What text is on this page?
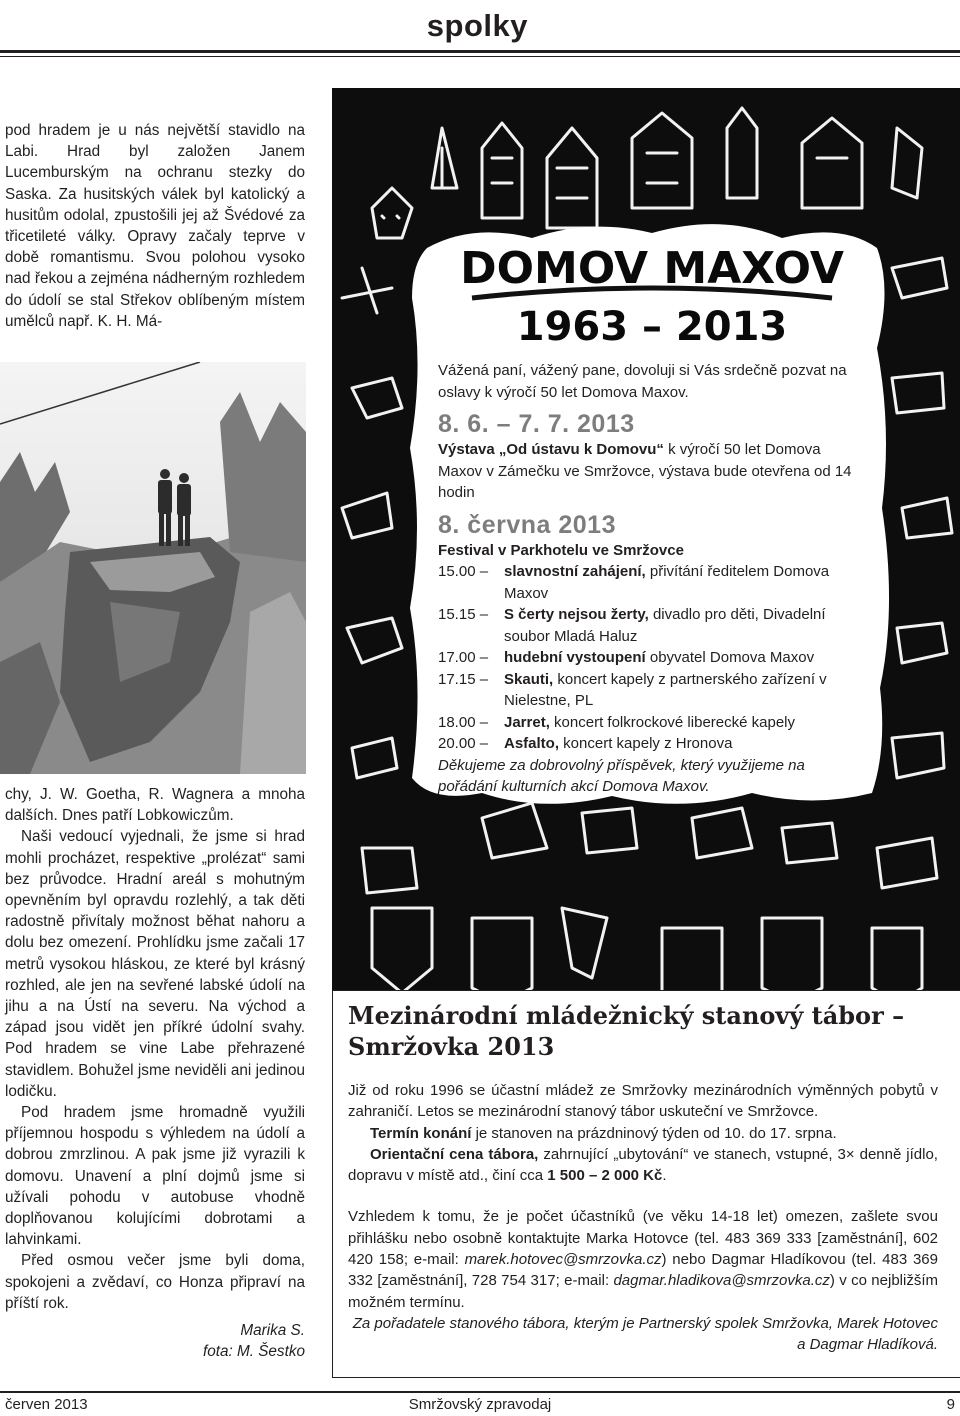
spolky

pod hradem je u nás největší stavidlo na Labi. Hrad byl založen Janem Lucemburským na ochranu stezky do Saska. Za husitských válek byl katolický a husitům odolal, zpustošili jej až Švédové za třicetileté války. Opravy začaly teprve v době romantismu. Svou polohou vysoko nad řekou a zejména nádherným rozhledem do údolí se stal Střekov oblíbeným místem umělců např. K. H. Má-

chy, J. W. Goetha, R. Wagnera a mnoha dalších. Dnes patří Lobkowiczům.

Naši vedoucí vyjednali, že jsme si hrad mohli procházet, respektive „prolézat“ sami bez průvodce. Hradní areál s mohutným opevněním byl opravdu rozlehlý, a tak děti radostně přivítaly možnost běhat nahoru a dolu bez omezení. Prohlídku jsme začali 17 metrů vysokou hláskou, ze které byl krásný rozhled, ale jen na sevřené labské údolí na jihu a na Ústí na severu. Na východ a západ jsou vidět jen příkré údolní svahy. Pod hradem se vine Labe přehrazené stavidlem. Bohužel jsme neviděli ani jedinou lodičku.

Pod hradem jsme hromadně využili příjemnou hospodu s výhledem na údolí a dobrou zmrzlinou. A pak jsme již vyrazili k domovu. Unavení a plní dojmů jsme si užívali pohodu v autobuse vhodně doplňovanou kolujícími dobrotami a lahvinkami.

Před osmou večer jsme byli doma, spokojeni a zvědaví, co Honza připraví na příští rok.

Marika S.

fota: M. Šestko

DOMOV MAXOV
1963 – 2013

Vážená paní, vážený pane, dovoluji si Vás srdečně pozvat na oslavy k výročí 50 let Domova Maxov.

8. 6. – 7. 7. 2013

Výstava „Od ústavu k Domovu“ k výročí 50 let Domova Maxov v Zámečku ve Smržovce, výstava bude otevřena od 14 hodin

8. června 2013

Festival v Parkhotelu ve Smržovce

15.00 – slavnostní zahájení, přivítání ředitelem Domova Maxov
15.15 – S čerty nejsou žerty, divadlo pro děti, Divadelní soubor Mladá Haluz
17.00 – hudební vystoupení obyvatel Domova Maxov
17.15 – Skauti, koncert kapely z partnerského zařízení v Nielestne, PL
18.00 – Jarret, koncert folkrockové liberecké kapely
20.00 – Asfalto, koncert kapely z Hronova

Děkujeme za dobrovolný příspěvek, který využijeme na pořádání kulturních akcí Domova Maxov.

Mezinárodní mládežnický stanový tábor – Smržovka 2013

Již od roku 1996 se účastní mládež ze Smržovky mezinárodních výměnných pobytů v zahraničí. Letos se mezinárodní stanový tábor uskuteční ve Smržovce.

Termín konání je stanoven na prázdninový týden od 10. do 17. srpna.

Orientační cena tábora, zahrnující „ubytování“ ve stanech, vstupné, 3× denně jídlo, dopravu v místě atd., činí cca 1 500 – 2 000 Kč.

Vzhledem k tomu, že je počet účastníků (ve věku 14-18 let) omezen, zašlete svou přihlášku nebo osobně kontaktujte Marka Hotovce (tel. 483 369 333 [zaměstnání], 602 420 158; e-mail: marek.hotovec@smrzovka.cz) nebo Dagmar Hladíkovou (tel. 483 369 332 [zaměstnání], 728 754 317; e-mail: dagmar.hladikova@smrzovka.cz) v co nejbližším možném termínu.

Za pořadatele stanového tábora, kterým je Partnerský spolek Smržovka, Marek Hotovec a Dagmar Hladíková.

červen 2013	Smržovský zpravodaj	9
